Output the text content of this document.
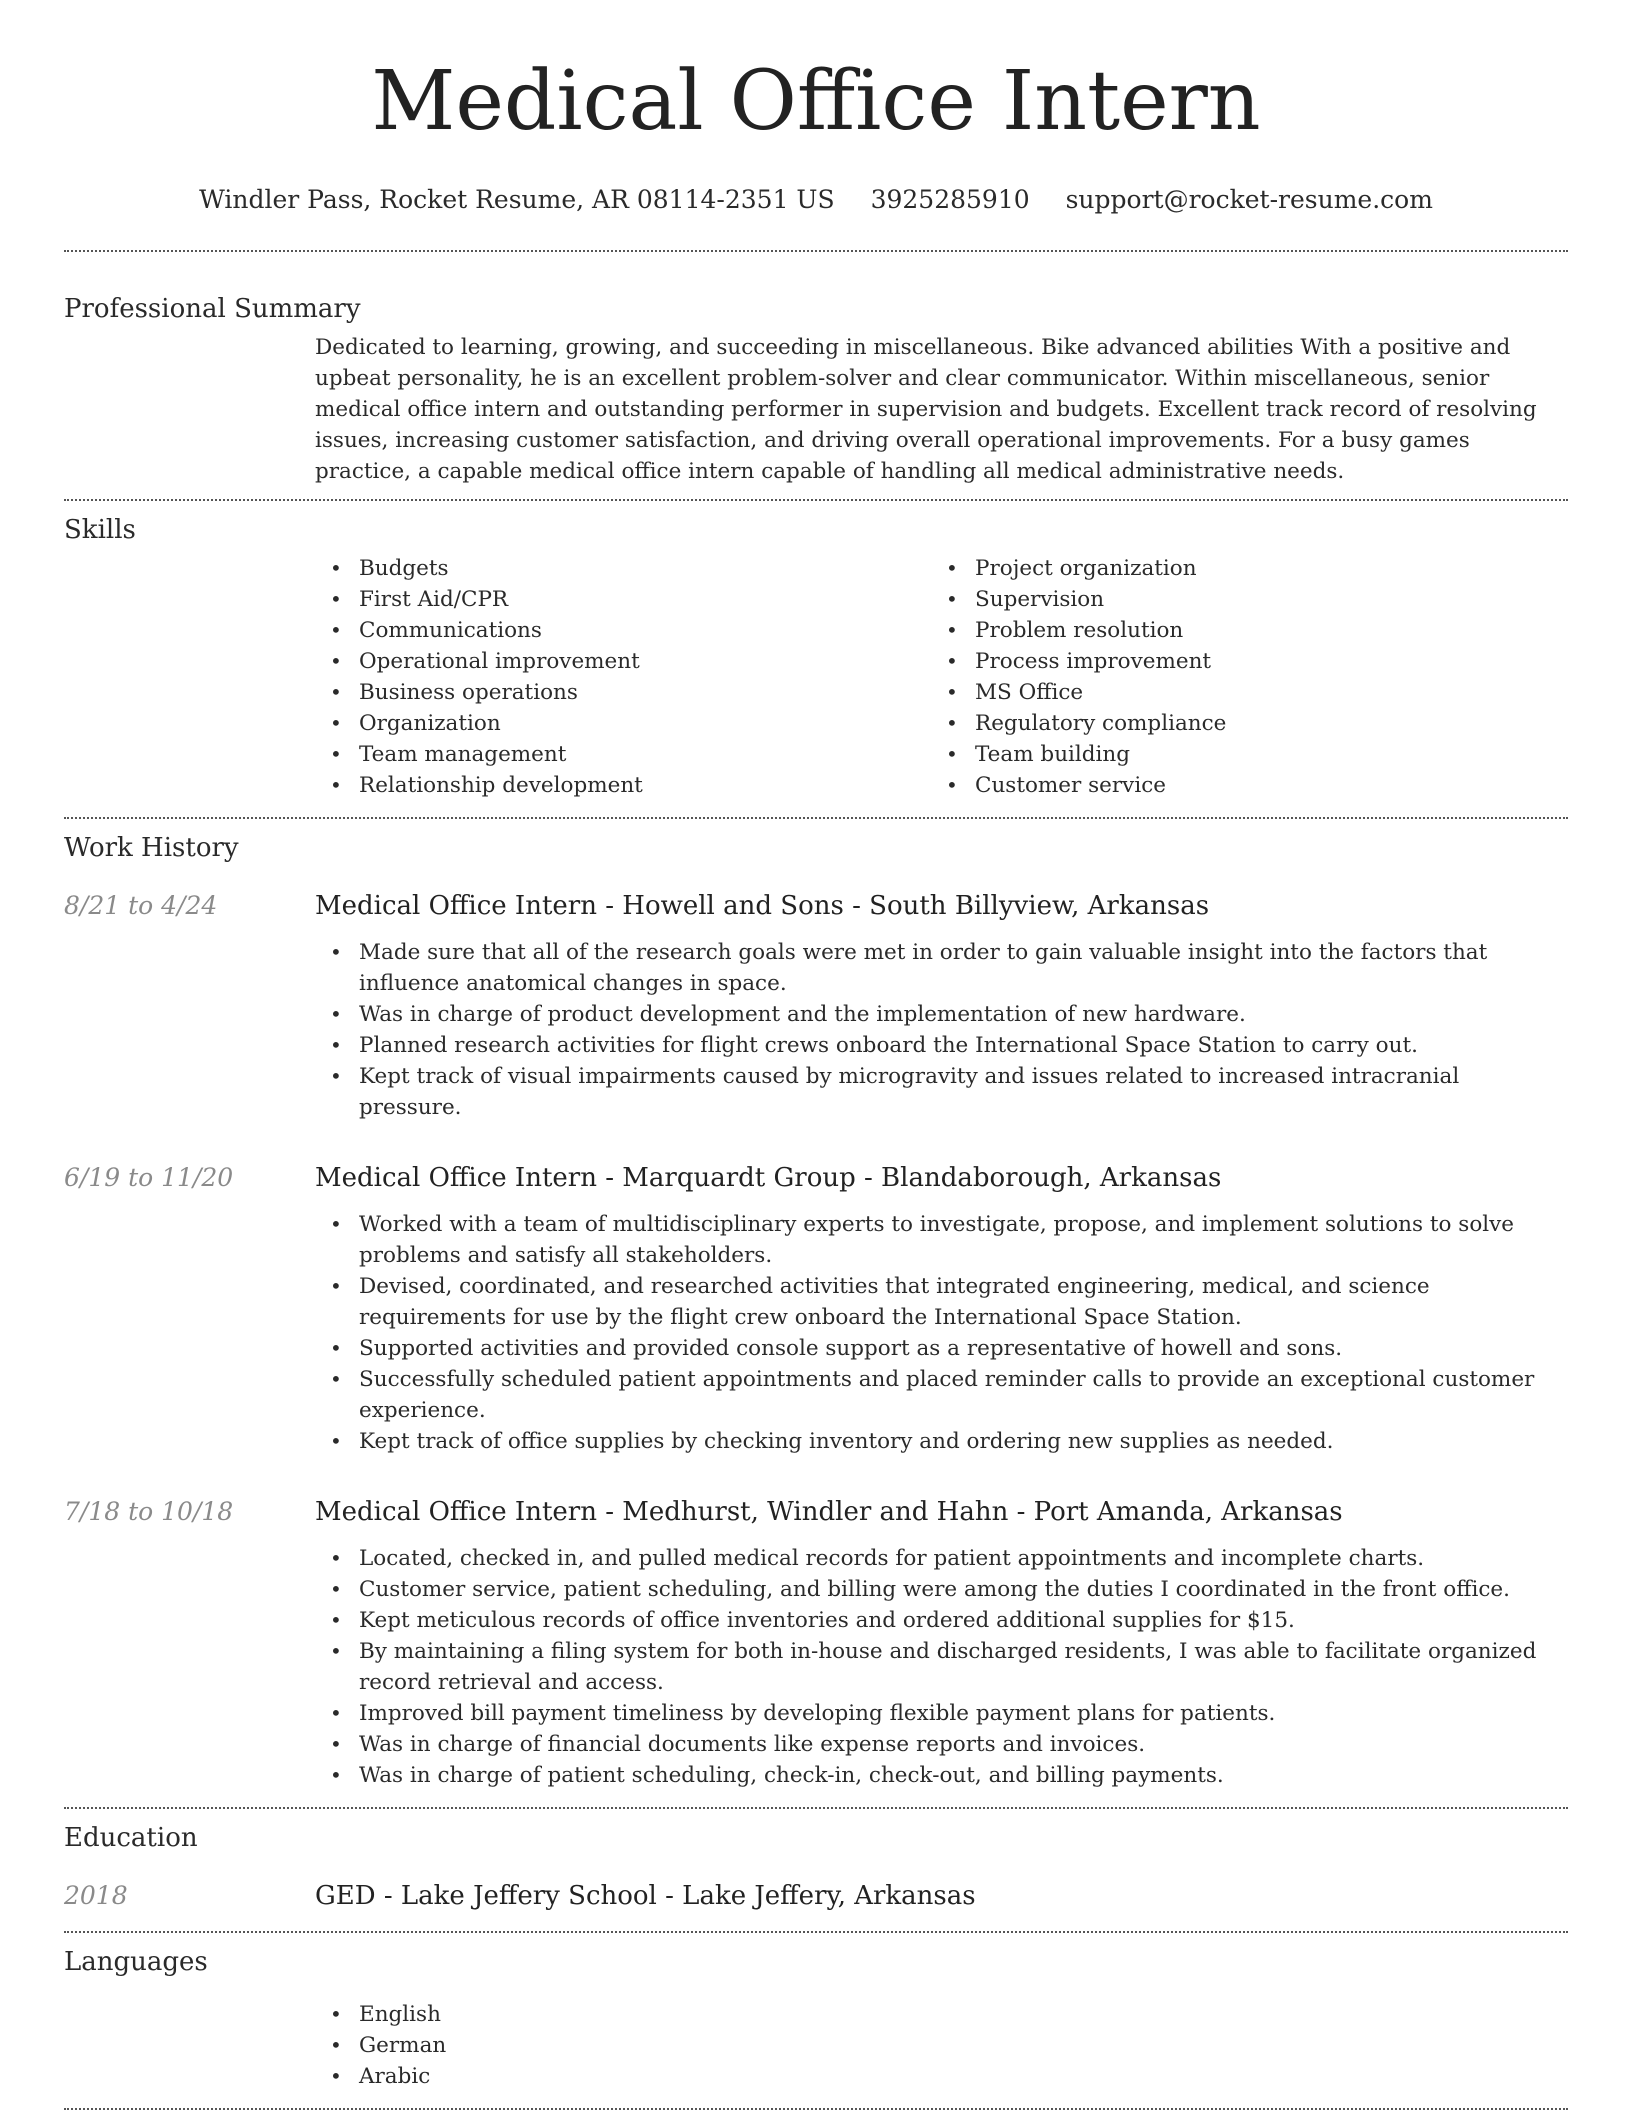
Medical Office Intern
Windler Pass, Rocket Resume, AR 08114-2351 US 3925285910 support@rocket-resume.com
Professional Summary

Dedicated to learning, growing, and succeeding in miscellaneous. Bike advanced abilities With a positive and upbeat personality, he is an excellent problem-solver and clear communicator. Within miscellaneous, senior medical office intern and outstanding performer in supervision and budgets. Excellent track record of resolving issues, increasing customer satisfaction, and driving overall operational improvements. For a busy games practice, a capable medical office intern capable of handling all medical administrative needs.

Skills
• Budgets
• First Aid/CPR
• Communications
• Operational improvement
• Business operations
• Organization
• Team management
• Relationship development
• Project organization
• Supervision
• Problem resolution
• Process improvement
• MS Office
• Regulatory compliance
• Team building
• Customer service
Work History
8/21 to 4/24	Medical Office Intern - Howell and Sons - South Billyview, Arkansas
• Made sure that all of the research goals were met in order to gain valuable insight into the factors that influence anatomical changes in space.
• Was in charge of product development and the implementation of new hardware.
• Planned research activities for flight crews onboard the International Space Station to carry out.
• Kept track of visual impairments caused by microgravity and issues related to increased intracranial pressure.
6/19 to 11/20	Medical Office Intern - Marquardt Group - Blandaborough, Arkansas
• Worked with a team of multidisciplinary experts to investigate, propose, and implement solutions to solve problems and satisfy all stakeholders.
• Devised, coordinated, and researched activities that integrated engineering, medical, and science requirements for use by the flight crew onboard the International Space Station.
• Supported activities and provided console support as a representative of howell and sons.
• Successfully scheduled patient appointments and placed reminder calls to provide an exceptional customer experience.
• Kept track of office supplies by checking inventory and ordering new supplies as needed.
7/18 to 10/18	Medical Office Intern - Medhurst, Windler and Hahn - Port Amanda, Arkansas
• Located, checked in, and pulled medical records for patient appointments and incomplete charts.
• Customer service, patient scheduling, and billing were among the duties I coordinated in the front office.
• Kept meticulous records of office inventories and ordered additional supplies for $15.
• By maintaining a filing system for both in-house and discharged residents, I was able to facilitate organized record retrieval and access.
• Improved bill payment timeliness by developing flexible payment plans for patients.
• Was in charge of financial documents like expense reports and invoices.
• Was in charge of patient scheduling, check-in, check-out, and billing payments.
Education
2018	GED - Lake Jeffery School - Lake Jeffery, Arkansas
Languages
• English
• German
• Arabic
